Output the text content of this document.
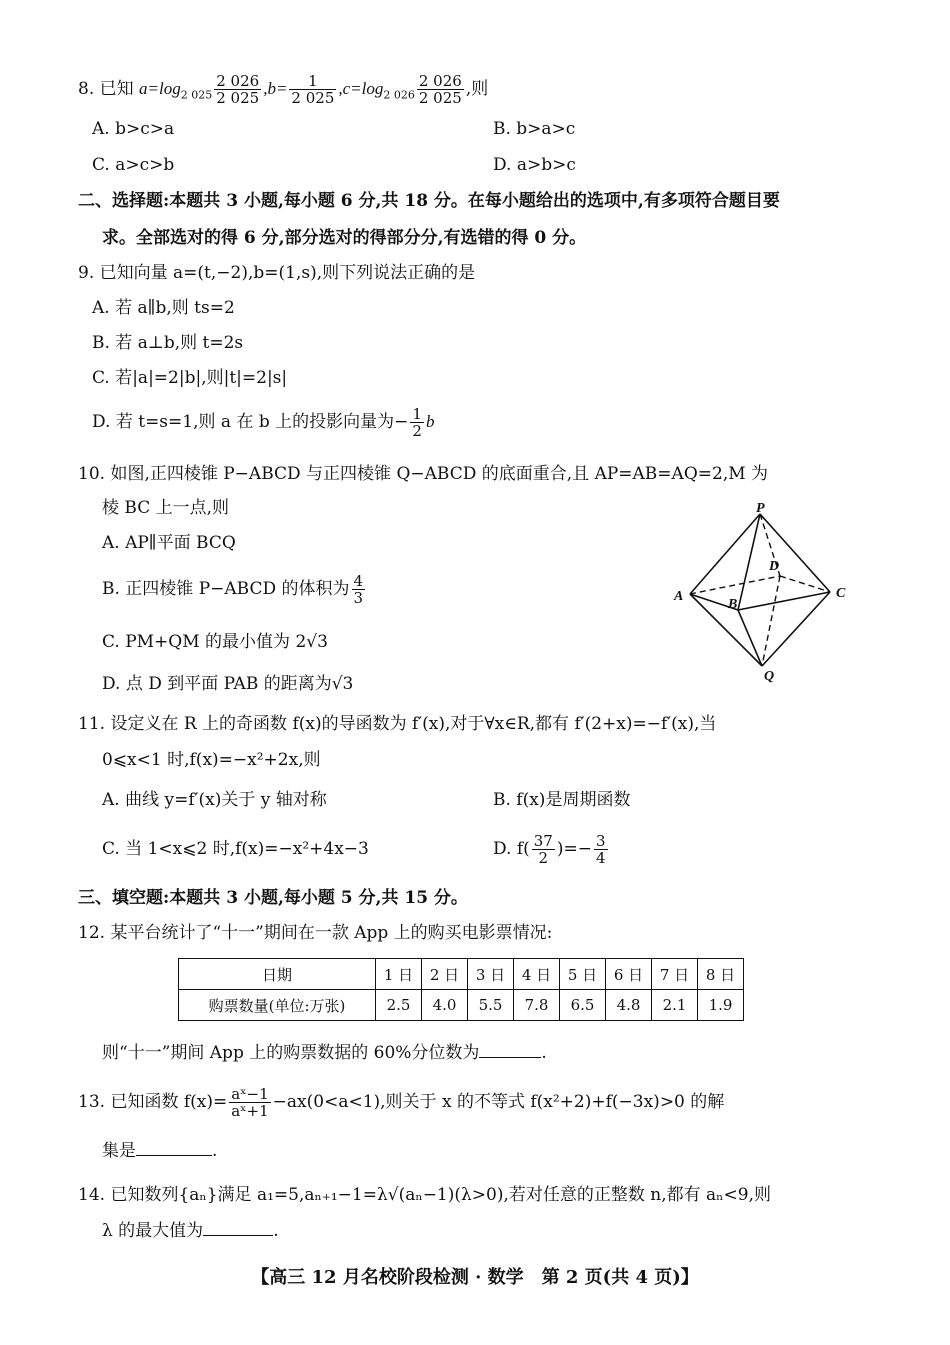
8. 已知 $a=\log_{2 025} \frac{2 026}{2 025} ,b= \frac{1}{2 025} ,c=\log_{2 026} \frac{2 026}{2 025}$ ,则
A. b>c>a	B. b>a>c
C. a>c>b	D. a>b>c
二、选择题:本题共 3 小题,每小题 6 分,共 18 分。在每小题给出的选项中,有多项符合题目要
求。全部选对的得 6 分,部分选对的得部分分,有选错的得 0 分。
9. 已知向量 a=(t,−2),b=(1,s),则下列说法正确的是
A. 若 a∥b,则 ts=2
B. 若 a⊥b,则 t=2s
C. 若|a|=2|b|,则|t|=2|s|
D. 若 t=s=1,则 a 在 b 上的投影向量为− $\frac{1}{2}$ b
10. 如图,正四棱锥 P−ABCD 与正四棱锥 Q−ABCD 的底面重合,且 AP=AB=AQ=2,M 为
棱 BC 上一点,则
A. AP∥平面 BCQ
B. 正四棱锥 P−ABCD 的体积为 $\frac{4}{3}$
C. PM+QM 的最小值为 2√3
D. 点 D 到平面 PAB 的距离为√3
P
A
B
C
D
Q
11. 设定义在 R 上的奇函数 f(x)的导函数为 f′(x),对于∀x∈R,都有 f′(2+x)=−f′(x),当
0⩽x<1 时,f(x)=−x²+2x,则
A. 曲线 y=f′(x)关于 y 轴对称	B. f(x)是周期函数
C. 当 1<x⩽2 时,f(x)=−x²+4x−3	D. $f( \frac{37}{2}$ )=− $\frac{3}{4}$
三、填空题:本题共 3 小题,每小题 5 分,共 15 分。
12. 某平台统计了“十一”期间在一款 App 上的购买电影票情况:
日期	1 日	2 日	3 日	4 日	5 日	6 日	7 日	8 日
购票数量(单位:万张)	2.5	4.0	5.5	7.8	6.5	4.8	2.1	1.9
则“十一”期间 App 上的购票数据的 60%分位数为	.
13. 已知函数 $f(x)= \frac{\text{aˣ−1}}{\text{aˣ+1}} -ax(0<a<1)$,则关于 x 的不等式 f(x²+2)+f(−3x)>0 的解
集是	.
14. 已知数列{aₙ}满足 a₁=5,aₙ₊₁−1=λ√(aₙ−1)(λ>0),若对任意的正整数 n,都有 aₙ<9,则
λ 的最大值为	.
【高三 12 月名校阶段检测 · 数学　第 2 页(共 4 页)】
